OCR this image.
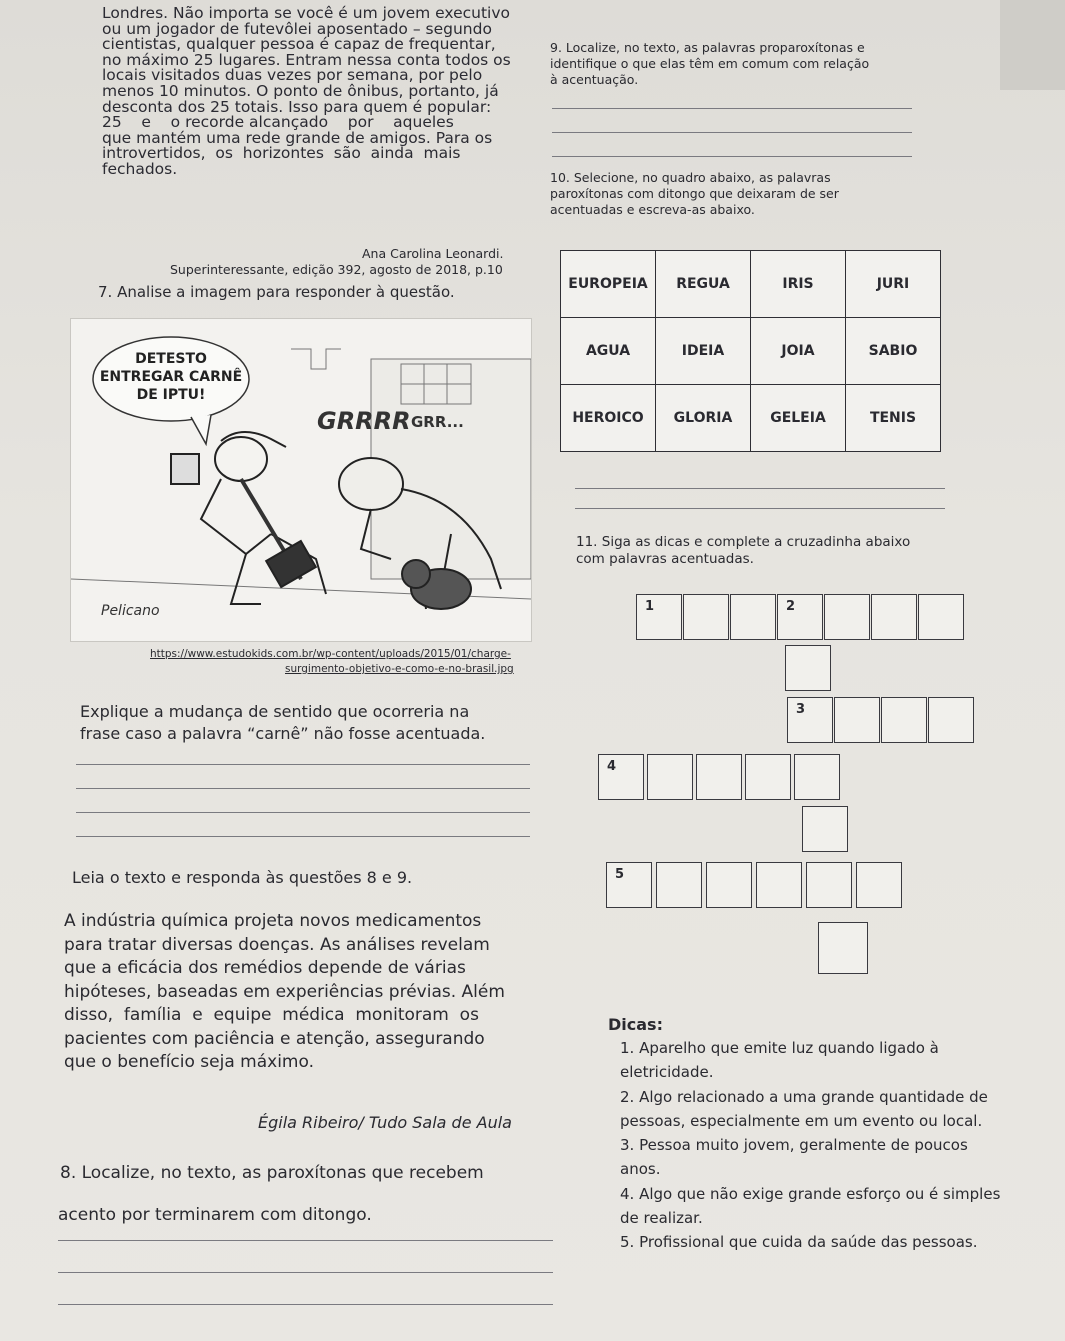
Londres. Não importa se você é um jovem executivo
ou um jogador de futevôlei aposentado – segundo
cientistas, qualquer pessoa é capaz de frequentar,
no máximo 25 lugares. Entram nessa conta todos os
locais visitados duas vezes por semana, por pelo
menos 10 minutos. O ponto de ônibus, portanto, já
desconta dos 25 totais. Isso para quem é popular:
25    e    o recorde alcançado    por    aqueles
que mantém uma rede grande de amigos. Para os
introvertidos,  os  horizontes  são  ainda  mais
fechados.
Ana Carolina Leonardi.
Superinteressante, edição 392, agosto de 2018, p.10
7. Analise a imagem para responder à questão.
DETESTO
ENTREGAR CARNÊ
DE IPTU!
GRRRR GRR...
Pelicano
https://www.estudokids.com.br/wp-content/uploads/2015/01/charge-
surgimento-objetivo-e-como-e-no-brasil.jpg
Explique a mudança de sentido que ocorreria na
frase caso a palavra “carnê” não fosse acentuada.
Leia o texto e responda às questões 8 e 9.
A indústria química projeta novos medicamentos
para tratar diversas doenças. As análises revelam
que a eficácia dos remédios depende de várias
hipóteses, baseadas em experiências prévias. Além
disso,  família  e  equipe  médica  monitoram  os
pacientes com paciência e atenção, assegurando
que o benefício seja máximo.
Égila Ribeiro/ Tudo Sala de Aula
8. Localize, no texto, as paroxítonas que recebem
acento por terminarem com ditongo.
9. Localize, no texto, as palavras proparoxítonas e
identifique o que elas têm em comum com relação
à acentuação.
10. Selecione, no quadro abaixo, as palavras
paroxítonas com ditongo que deixaram de ser
acentuadas e escreva-as abaixo.
EUROPEIA	REGUA	IRIS	JURI
AGUA	IDEIA	JOIA	SABIO
HEROICO	GLORIA	GELEIA	TENIS
11. Siga as dicas e complete a cruzadinha abaixo
com palavras acentuadas.
1	2
3
4
5
Dicas:
1. Aparelho que emite luz quando ligado à
eletricidade.
2. Algo relacionado a uma grande quantidade de
pessoas, especialmente em um evento ou local.
3. Pessoa muito jovem, geralmente de poucos
anos.
4. Algo que não exige grande esforço ou é simples
de realizar.
5. Profissional que cuida da saúde das pessoas.
